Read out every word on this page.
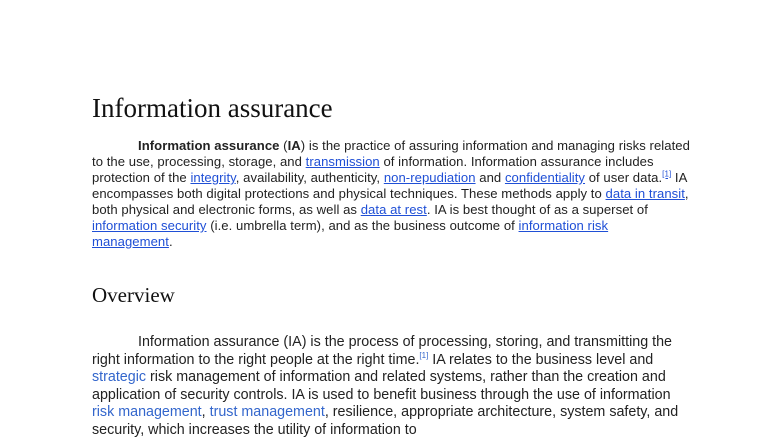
Information assurance

Information assurance (IA) is the practice of assuring information and managing risks related to the use, processing, storage, and transmission of information. Information assurance includes protection of the integrity, availability, authenticity, non-repudiation and confidentiality of user data.[1] IA encompasses both digital protections and physical techniques. These methods apply to data in transit, both physical and electronic forms, as well as data at rest. IA is best thought of as a superset of information security (i.e. umbrella term), and as the business outcome of information risk management.

Overview

Information assurance (IA) is the process of processing, storing, and transmitting the right information to the right people at the right time.[1] IA relates to the business level and strategic risk management of information and related systems, rather than the creation and application of security controls. IA is used to benefit business through the use of information risk management, trust management, resilience, appropriate architecture, system safety, and security, which increases the utility of information to
